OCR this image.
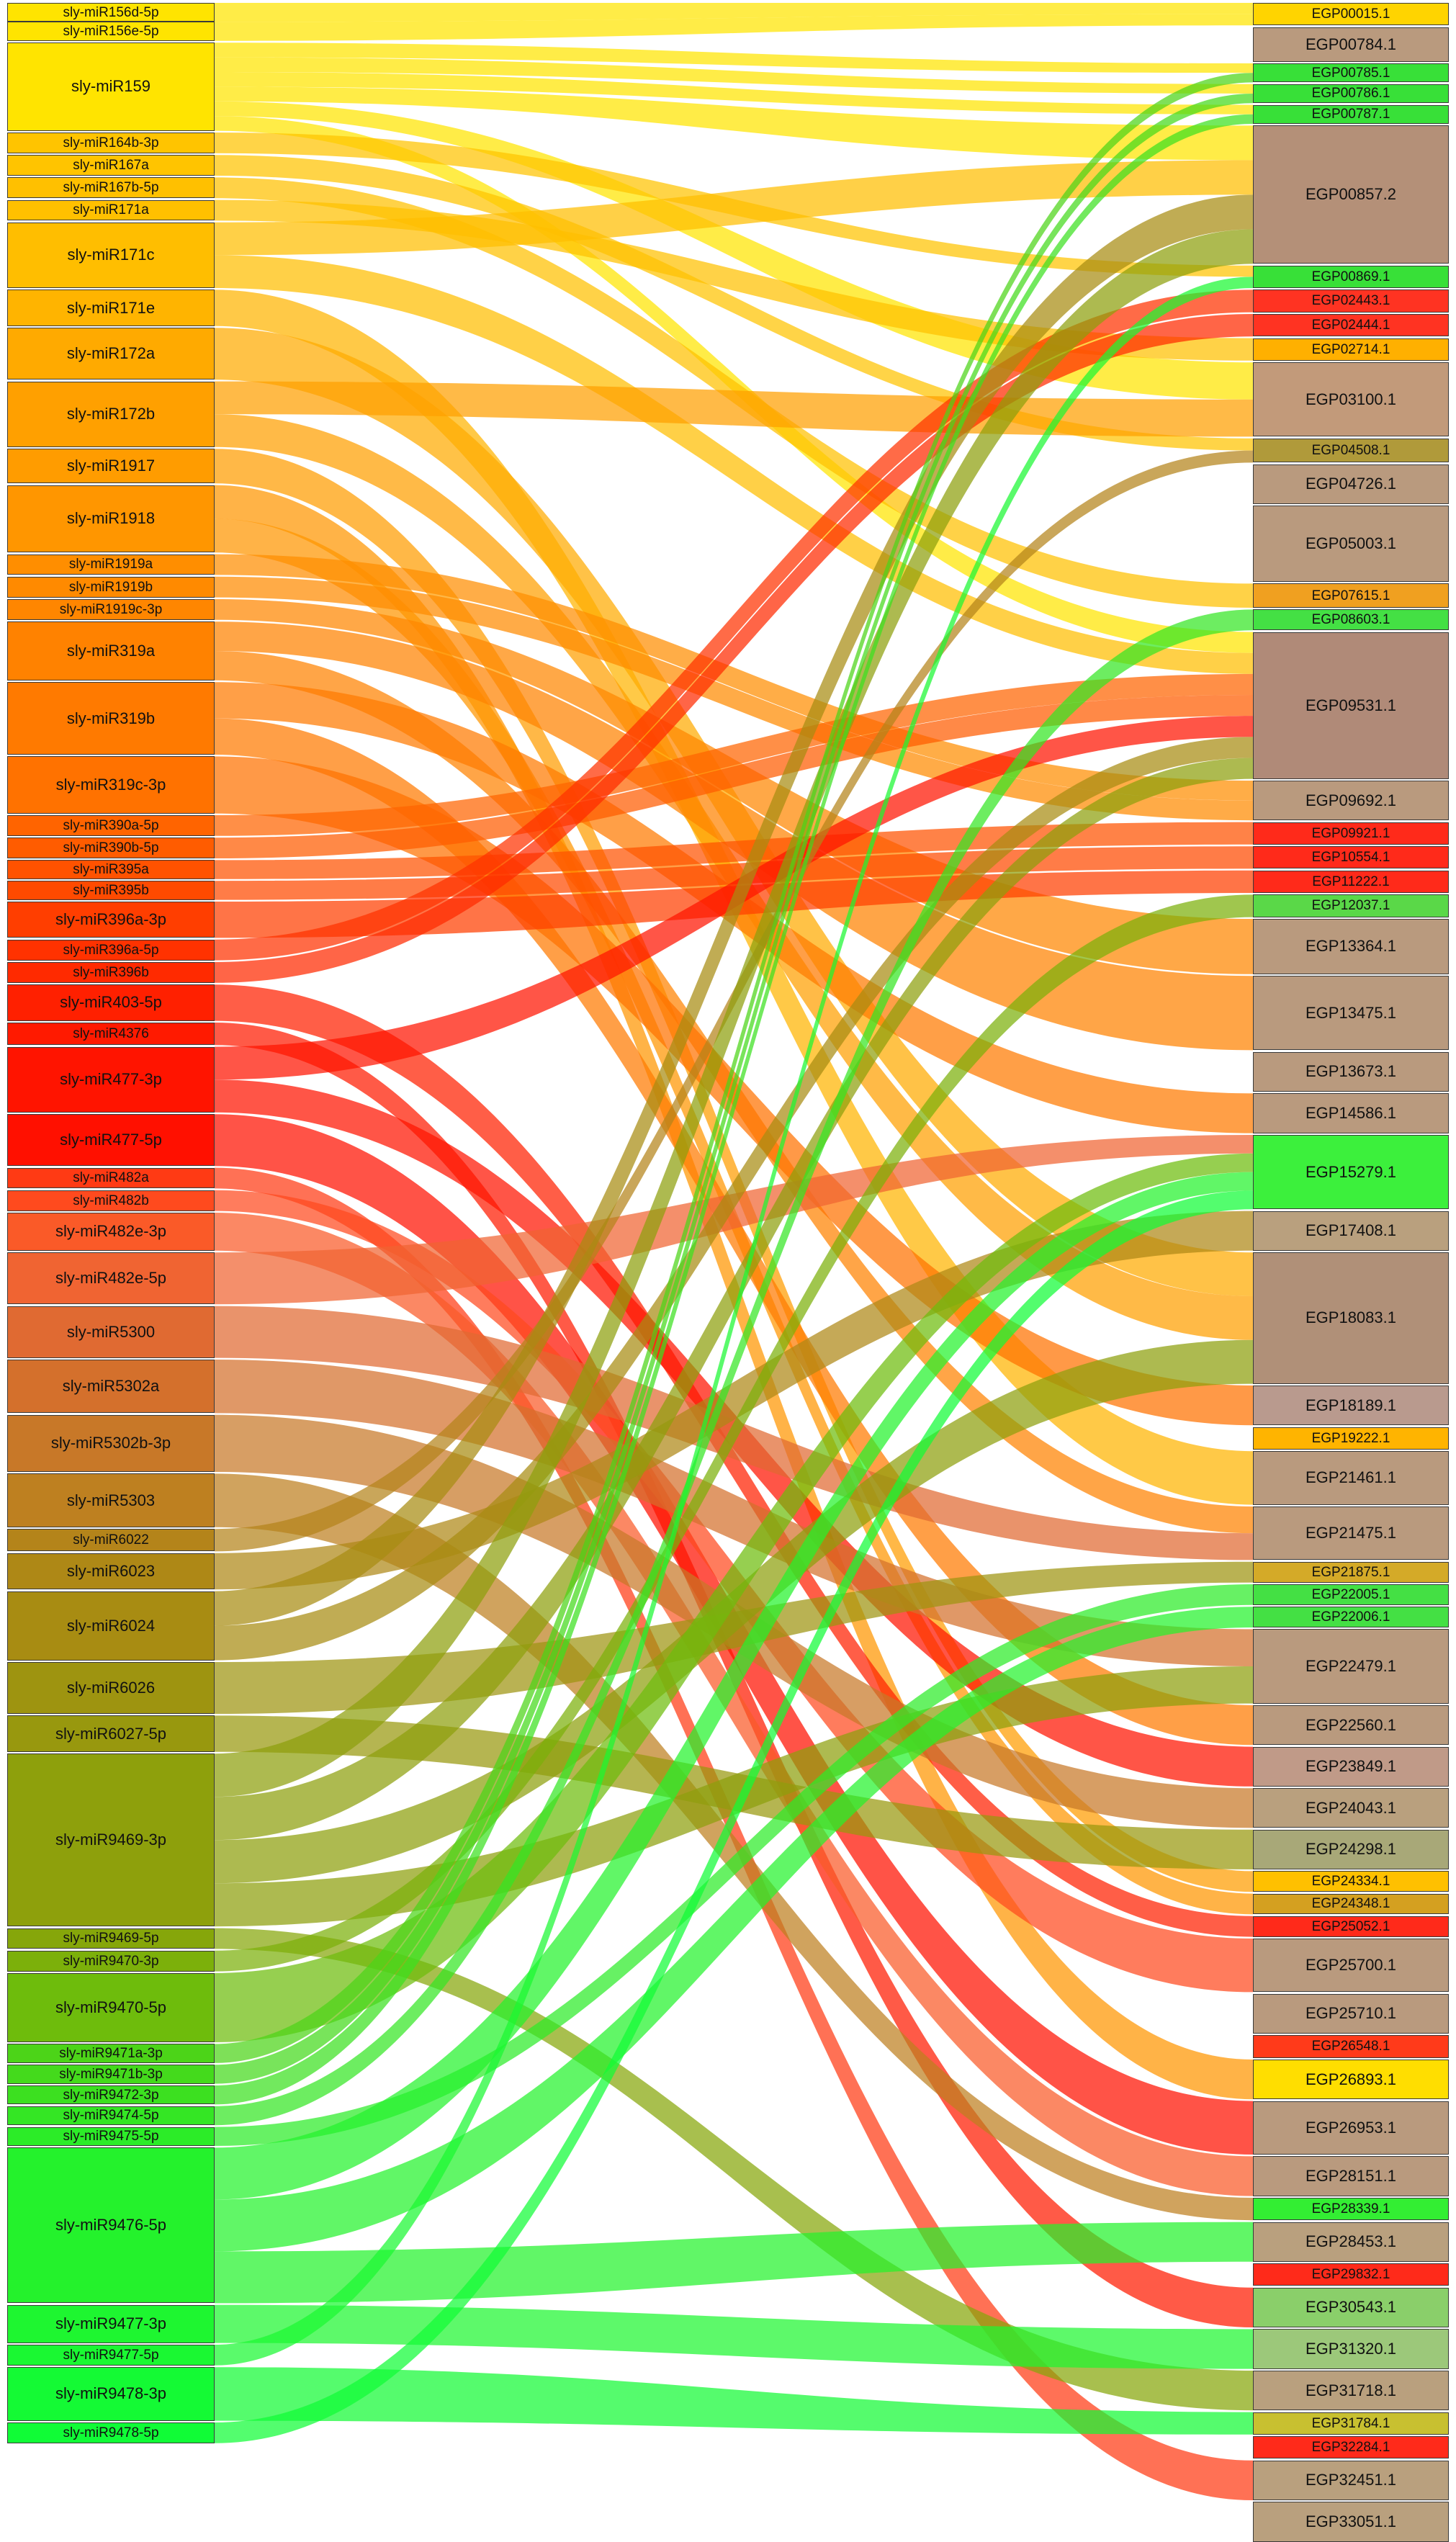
sly-miR156d-5p
sly-miR156e-5p
sly-miR159
sly-miR164b-3p
sly-miR167a
sly-miR167b-5p
sly-miR171a
sly-miR171c
sly-miR171e
sly-miR172a
sly-miR172b
sly-miR1917
sly-miR1918
sly-miR1919a
sly-miR1919b
sly-miR1919c-3p
sly-miR319a
sly-miR319b
sly-miR319c-3p
sly-miR390a-5p
sly-miR390b-5p
sly-miR395a
sly-miR395b
sly-miR396a-3p
sly-miR396a-5p
sly-miR396b
sly-miR403-5p
sly-miR4376
sly-miR477-3p
sly-miR477-5p
sly-miR482a
sly-miR482b
sly-miR482e-3p
sly-miR482e-5p
sly-miR5300
sly-miR5302a
sly-miR5302b-3p
sly-miR5303
sly-miR6022
sly-miR6023
sly-miR6024
sly-miR6026
sly-miR6027-5p
sly-miR9469-3p
sly-miR9469-5p
sly-miR9470-3p
sly-miR9470-5p
sly-miR9471a-3p
sly-miR9471b-3p
sly-miR9472-3p
sly-miR9474-5p
sly-miR9475-5p
sly-miR9476-5p
sly-miR9477-3p
sly-miR9477-5p
sly-miR9478-3p
sly-miR9478-5p
EGP00015.1
EGP00784.1
EGP00785.1
EGP00786.1
EGP00787.1
EGP00857.2
EGP00869.1
EGP02443.1
EGP02444.1
EGP02714.1
EGP03100.1
EGP04508.1
EGP04726.1
EGP05003.1
EGP07615.1
EGP08603.1
EGP09531.1
EGP09692.1
EGP09921.1
EGP10554.1
EGP11222.1
EGP12037.1
EGP13364.1
EGP13475.1
EGP13673.1
EGP14586.1
EGP15279.1
EGP17408.1
EGP18083.1
EGP18189.1
EGP19222.1
EGP21461.1
EGP21475.1
EGP21875.1
EGP22005.1
EGP22006.1
EGP22479.1
EGP22560.1
EGP23849.1
EGP24043.1
EGP24298.1
EGP24334.1
EGP24348.1
EGP25052.1
EGP25700.1
EGP25710.1
EGP26548.1
EGP26893.1
EGP26953.1
EGP28151.1
EGP28339.1
EGP28453.1
EGP29832.1
EGP30543.1
EGP31320.1
EGP31718.1
EGP31784.1
EGP32284.1
EGP32451.1
EGP33051.1
